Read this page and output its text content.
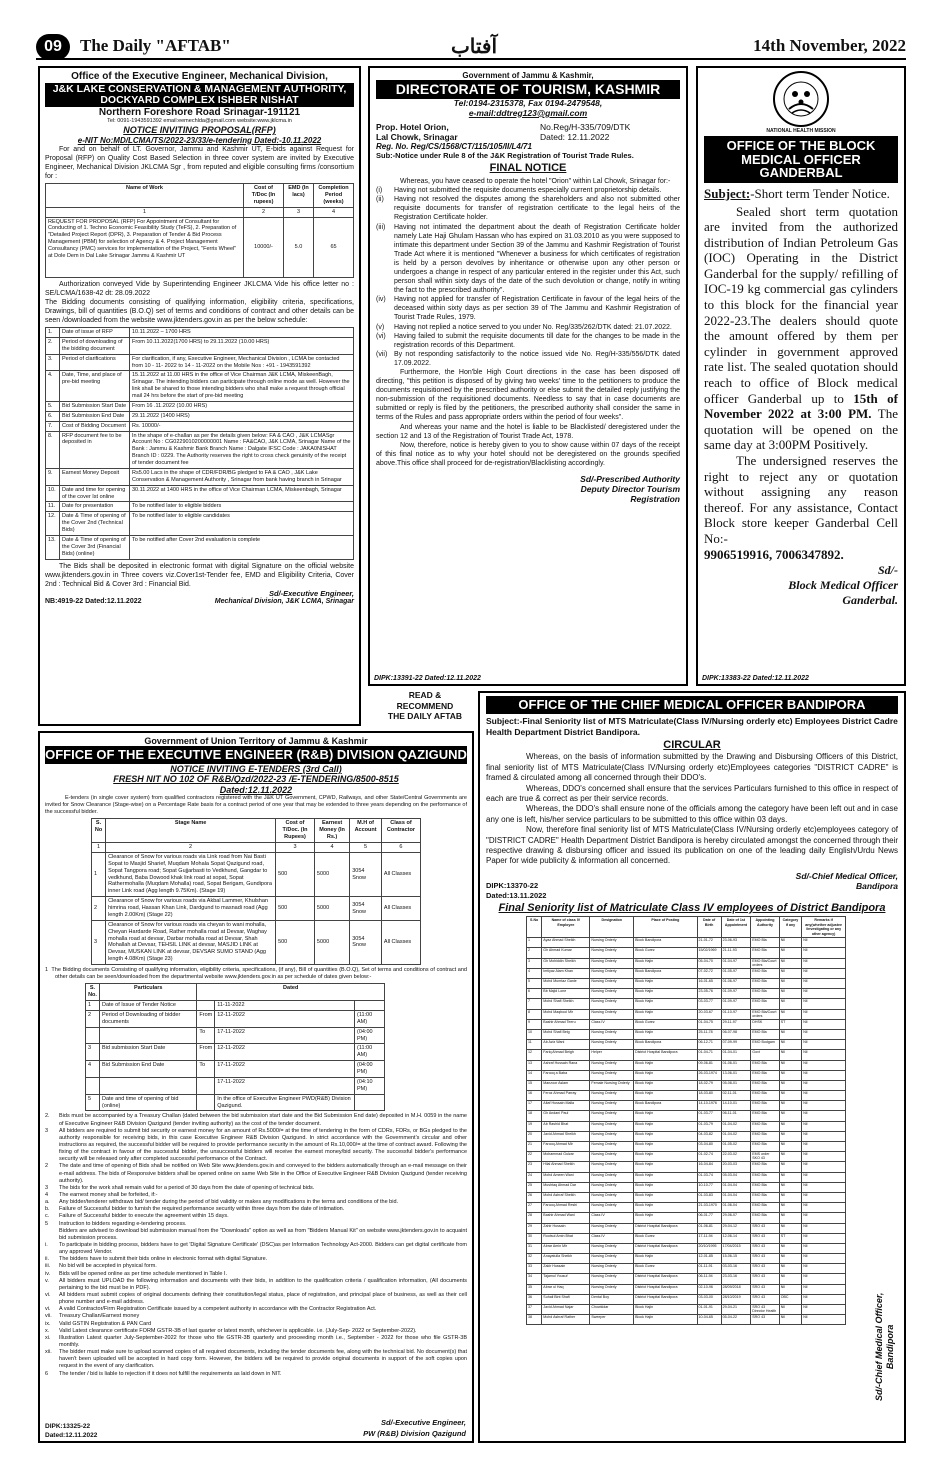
09	The Daily "AFTAB"	آفتاب	14th November, 2022
Office of the Executive Engineer, Mechanical Division,
J&K LAKE CONSERVATION & MANAGEMENT AUTHORITY,
DOCKYARD COMPLEX ISHBER NISHAT
Northern Foreshore Road Srinagar-191121
Tel: 0091-1943591392 email:eemechlda@gmail.com website:www.jklcma.in
NOTICE INVITING PROPOSAL(RFP)
e-NIT No:MD/LCMA/TS/2022-23/33/e-tendering Dated:-10.11.2022
For and on behalf of LT. Governor, Jammu and Kashmir UT, E-bids against Request for Proposal (RFP) on Quality Cost Based Selection in three cover system are invited by Executive Engineer, Mechanical Division JKLCMA Sgr , from reputed and eligible consulting firms /consortium for :
Name of Work	Cost of T/Doc (In rupees)	EMD (In lacs)	Completion Period (weeks)
1	2	3	4
REQUEST FOR PROPOSAL (RFP) For Appointment of Consultant for Conducting of 1. Techno Economic Feasibility Study (TeFS), 2. Preparation of "Detailed Project Report (DPR), 3. Preparation of Tender & Bid Process Management (PBM) for selection of Agency & 4. Project Management Consultancy (PMC) services for implementation of the Project, "Ferris Wheel" at Dole Dem in Dal Lake Srinagar Jammu & Kashmir UT	10000/-	5.0	65
Authorization conveyed Vide by Superintending Engineer JKLCMA Vide his office letter no : SE/LCMA/1638-42 dt: 28.09.2022
The Bidding documents consisting of qualifying information, eligibility criteria, specifications, Drawings, bill of quantities (B.O.Q) set of terms and conditions of contract and other details can be seen /downloaded from the website www.jktenders.gov.in as per the below schedule:
1.	Date of issue of RFP	10.11.2022 – 1700 HRS
2.	Period of downloading of the bidding document	From 10.11.2022(1700 HRS) to 29.11.2022 (10.00 HRS)
3.	Period of clarifications	For clarification, if any, Executive Engineer, Mechanical Division , LCMA be contacted from 10 - 11- 2022 to 14 - 11-2022 on the Mobile Nos : +91 - 1943591392
4.	Date, Time, and place of pre-bid meeting	15.11.2022 at 11.00 HRS in the office of Vice Chairman J&K LCMA, MiskeenBagh, Srinagar. The intending bidders can participate through online mode as well. However the link shall be shared to those intending bidders who shall make a request through official mail 24 hrs before the start of pre-bid meeting
5.	Bid Submission Start Date	From 16 .11.2022 (10.00 HRS)
6.	Bid Submission End Date	29.11.2022 (1400 HRS)
7.	Cost of Bidding Document	Rs. 10000/-
8.	RFP document fee to be deposited in	In the shape of e-challan as per the details given below: FA & CAO , J&K LCMASgr Account No : CG0229010200000001 Name : FA&CAO, J&K LCMA, Srinagar Name of the Bank : Jammu & Kashmir Bank Branch Name : Dalgate IFSC Code : JAKA0NISHAT Branch ID : 0229. The Authority reserves the right to cross check genuinity of the receipt of tender document fee
9.	Earnest Money Deposit	Rs5.00 Lacs in the shape of CDR/FDR/BG pledged to FA & CAO , J&K Lake Conservation & Management Authority , Srinagar from bank having branch in Srinagar
10.	Date and time for opening of the cover Ist online	30.11.2022 at 1400 HRS in the office of Vice Chairman LCMA, Miskeenbagh, Srinagar
11.	Date for presentation	To be notified later to eligible bidders
12.	Date & Time of opening of the Cover 2nd (Technical Bids)	To be notified later to eligible candidates
13.	Date & Time of opening of the Cover 3rd (Financial Bids) (online)	To be notified after Cover 2nd evaluation is complete
The Bids shall be deposited in electronic format with digital Signature on the official website www.jktenders.gov.in in Three covers viz.Cover1st-Tender fee, EMD and Eligibility Criteria, Cover 2nd : Technical Bid & Cover 3rd : Financial Bid.
Sd/-Executive Engineer,
NB:4919-22 Dated:12.11.2022	Mechanical Division, J&K LCMA, Srinagar
Government of Jammu & Kashmir,
DIRECTORATE OF TOURISM, KASHMIR
Tel:0194-2315378, Fax 0194-2479548,
e-mail:ddtreg123@gmail.com
Prop. Hotel Orion,	No.Reg/H-335/709/DTK
Lal Chowk, Srinagar	Dated: 12.11.2022
Reg. No. Reg/CS/1568/CT/115/105/II/L4/71
Sub:-Notice under Rule 8 of the J&K Registration of Tourist Trade Rules.
FINAL NOTICE
Whereas, you have ceased to operate the hotel "Orion" within Lal Chowk, Srinagar for:-
(i)	Having not submitted the requisite documents especially current proprietorship details.
(ii)	Having not resolved the disputes among the shareholders and also not submitted other requisite documents for transfer of registration certificate to the legal heirs of the Registration Certificate holder.
(iii)	Having not intimated the department about the death of Registration Certificate holder namely Late Haji Ghulam Hassan who has expired on 31.03.2010 as you were supposed to intimate this department under Section 39 of the Jammu and Kashmir Registration of Tourist Trade Act where it is mentioned "Whenever a business for which certificates of registration is held by a person devolves by inheritance or otherwise upon any other person or undergoes a change in respect of any particular entered in the register under this Act, such person shall within sixty days of the date of the such devolution or change, notify in writing the fact to the prescribed authority".
(iv)	Having not applied for transfer of Registration Certificate in favour of the legal heirs of the deceased within sixty days as per section 39 of The Jammu and Kashmir Registration of Tourist Trade Rules, 1979.
(v)	Having not replied a notice served to you under No. Reg/335/262/DTK dated: 21.07.2022.
(vi)	Having failed to submit the requisite documents till date for the changes to be made in the registration records of this Department.
(vii) By not responding satisfactorily to the notice issued vide No. Reg/H-335/556/DTK dated 17.09.2022.
Furthermore, the Hon'ble High Court directions in the case has been disposed off directing, "this petition is disposed of by giving two weeks' time to the petitioners to produce the documents requisitioned by the prescribed authority or else submit the detailed reply justifying the non-submission of the requisitioned documents. Needless to say that in case documents are submitted or reply is filed by the petitioners, the prescribed authority shall consider the same in terms of the Rules and pass appropriate orders within the period of four weeks".
And whereas your name and the hotel is liable to be Blacklisted/ deregistered under the section 12 and 13 of the Registration of Tourist Trade Act, 1978.
Now, therefore, notice is hereby given to you to show cause within 07 days of the receipt of this final notice as to why your hotel should not be deregistered on the grounds specified above.This office shall proceed for de-registration/Blacklisting accordingly.
Sd/-Prescribed Authority
Deputy Director Tourism
Registration
DIPK:13391-22 Dated:12.11.2022
READ &
RECOMMEND
THE DAILY AFTAB
NATIONAL HEALTH MISSION
OFFICE OF THE BLOCK MEDICAL OFFICER GANDERBAL
Subject:-Short term Tender Notice.
Sealed short term quotation are invited from the authorized distribution of Indian Petroleum Gas (IOC) Operating in the District Ganderbal for the supply/ refilling of IOC-19 kg commercial gas cylinders to this block for the financial year 2022-23.The dealers should quote the amount offered by them per cylinder in government approved rate list. The sealed quotation should reach to office of Block medical officer Ganderbal up to 15th of November 2022 at 3:00 PM. The quotation will be opened on the same day at 3:00PM Positively.
The undersigned reserves the right to reject any or quotation without assigning any reason thereof. For any assistance, Contact Block store keeper Ganderbal Cell No:-
9906519916, 7006347892.
Sd/-
Block Medical Officer
Ganderbal.
DIPK:13383-22 Dated:12.11.2022
Government of Union Territory of Jammu & Kashmir
OFFICE OF THE EXECUTIVE ENGINEER (R&B) DIVISION QAZIGUND
NOTICE INVITING E-TENDERS (3rd Call)
FRESH NIT NO 102 OF R&B/Qzd/2022-23 /E-TENDERING/8500-8515
Dated:12.11.2022
E-tenders (in single cover system) from qualified contractors registered with the J&K UT Government, CPWD, Railways, and other State/Central Governments are invited for Snow Clearance (Stage-wise) on a Percentage Rate basis for a contract period of one year that may be extended to three years depending on the performance of the successful bidder.
S. No	Stage Name	Cost of T/Doc. (In Rupees)	Earnest Money (In Rs.)	M.H of Account	Class of Contractor
1	2	3	4	5	6
1	Clearance of Snow for various roads via Link road from Nai Basti Sopat to Masjid Sharief, Muqdam Mohala Sopat Qazigund road, Sopat Tangpora road; Sopat Gujjarbasti to Vedkhund, Gangdar to vedkhund, Baba Dowood khak link road at sopat, Sopat Rathermohalla (Muqdam Mohalla) road, Sopat Berigam, Gundipora inner Link road (Agg length 9.75Km). (Stage 19)	500	5000	3054 Snow	All Classes
2	Clearance of Snow for various roads via Akbal Lammer, Khulshan himrina road, Hassan Khan Link, Dardgund to masnadi road (Agg length 2.00Km) (Stage 22)	500	5000	3054 Snow	All Classes
3	Clearance of Snow for various roads via cheyan to wani mohalla, Cheyan Hardarde Road, Rather mohalla road at Devsar, Waghay mohalla road at devsar, Darbar mohalla road at Devsar, Shah Mohallah at Devsar, TEHSIL LINK at devsar, MASJID LINK at Devsar, MUSKAN LINK at devsar, DEVSAR SUMO STAND (Agg length 4.08Km) (Stage 23)	500	5000	3054 Snow	All Classes
1  The Bidding documents Consisting of qualifying information, eligibility criteria, specifications, (if any), Bill of quantities (B.O.Q), Set of terms and conditions of contract and other details can be seen/downloaded from the departmental website www.jktenders.gov.in as per schedule of dates given below:-
S. No.	Particulars	Dated		
1	Date of Issue of Tender Notice		11-11-2022	
2	Period of Downloading of bidder documents	From	12-11-2022	(11:00 AM)
		To	17-11-2022	(04:00 PM)
3	Bid submission Start Date	From	12-11-2022	(11:00 AM)
4	Bid Submission End Date	To	17-11-2022	(04:00 PM)
			17-11-2022	(04:10 PM)
5	Date and time of opening of bid (online)		In the office of Executive Engineer PWD(R&B) Division Qazigund.	
2.	Bids must be accompanied by a Treasury Challan (dated between the bid submission start date and the Bid Submission End date) deposited in M.H. 0059 in the name of Executive Engineer R&B Division Qazigund (tender inviting authority) as the cost of the tender document.
3	All bidders are required to submit bid security or earnest money for an amount of Rs.5000/= at the time of tendering in the form of CDRs, FDRs, or BGs pledged to the authority responsible for receiving bids, in this case Executive Engineer R&B Division Qazigund. In strict accordance with the Government's circular and other instructions as required, the successful bidder will be required to provide performance security in the amount of Rs.10,000/= at the time of contract award. Following the fixing of the contract in favour of the successful bidder, the unsuccessful bidders will receive the earnest money/bid security. The successful bidder's performance security will be released only after completed successful performance of the Contract.
2	The date and time of opening of Bids shall be notified on Web Site www.jktenders.gov.in and conveyed to the bidders automatically through an e-mail message on their e-mail address. The bids of Responsive bidders shall be opened online on same Web Site in the Office of Executive Engineer R&B Division Qazigund (tender receiving authority).
3	The bids for the work shall remain valid for a period of 30 days from the date of opening of technical bids.
4	The earnest money shall be forfeited, if:-
a.	Any bidder/tenderer withdraws bid/ tender during the period of bid validity or makes any modifications in the terms and conditions of the bid.
b.	Failure of Successful bidder to furnish the required performance security within three days from the date of intimation.
c.	Failure of Successful bidder to execute the agreement within 15 days.
5	Instruction to bidders regarding e-tendering process.
Bidders are advised to download bid submission manual from the "Downloads" option as well as from "Bidders Manual Kit" on website www.jktenders.gov.in to acquaint bid submission process.
i.	To participate in bidding process, bidders have to get 'Digital Signature Certificate' (DSC)as per Information Technology Act-2000. Bidders can get digital certificate from any approved Vendor.
ii.	The bidders have to submit their bids online in electronic format with digital Signature.
iii.	No bid will be accepted in physical form.
iv.	Bids will be opened online as per time schedule mentioned in Table I.
v.	All bidders must UPLOAD the following information and documents with their bids, in addition to the qualification criteria / qualification information, (All documents pertaining to the bid must be in PDF).
vi.	All bidders must submit copies of original documents defining their constitution/legal status, place of registration, and principal place of business, as well as their cell phone number and e-mail address.
vi.	A valid Contractor/Firm Registration Certificate issued by a competent authority in accordance with the Contractor Registration Act.
vii.	Treasury Challan/Earnest money
ix.	Valid GSTIN Registration & PAN Card
x.	Valid Latest clearance certificate FORM GSTR-3B of last quarter or latest month, whichever is applicable. i.e. (July-Sep- 2022 or September-2022).
xi.	Illustration Latest quarter July-September-2022 for those who file GSTR-3B quarterly and proceeding month i.e., September - 2022 for those who file GSTR-3B monthly.
xii.	The bidder must make sure to upload scanned copies of all required documents, including the tender documents fee, along with the technical bid. No document(s) that haven't been uploaded will be accepted in hard copy form. However, the bidders will be required to provide original documents in support of the soft copies upon request in the event of any clarification.
6	The tender / bid is liable to rejection if it does not fulfill the requirements as laid down in NIT.
Sd/-Executive Engineer,
PW (R&B) Division Qazigund
DIPK:13325-22
Dated:12.11.2022
OFFICE OF THE CHIEF MEDICAL OFFICER BANDIPORA
Subject:-Final Seniority list of MTS Matriculate(Class IV/Nursing orderly etc) Employees District Cadre Health Department District Bandipora.
CIRCULAR
Whereas, on the basis of information submitted by the Drawing and Disbursing Officers of this District, final seniority list of MTS Matriculate(Class IV/Nursing orderly etc)Employees categories "DISTRICT CADRE" is framed & circulated among all concerned through their DDO's.
Whereas, DDO's concerned shall ensure that the services Particulars furnished to this office in respect of each are true & correct as per their service records.
Whereas, the DDO's shall ensure none of the officials among the category have been left out and in case any one is left, his/her service particulars to be submitted to this office within 03 days.
Now, therefore final seniority list of MTS Matriculate(Class IV/Nursing orderly etc)employees category of "DISTRICT CADRE" Health Department District Bandipora is hereby circulated amongst the concerned through their respective drawing & disbursing officer and issued its publication on one of the leading daily English/Urdu News Paper for wide publicity & information all concerned.
Sd/-Chief Medical Officer,
DIPK:13370-22	Bandipora
Dated:13.11.2022
Final Seniority list of Matriculate Class IV employees of District Bandipora
S.No	Name of class IV Employee	Designation	Place of Posting	Date of Birth	Date of 1st Appointment	Appointing Authority	Category if any	Remarks if any(whether adjustee /investigating or any other agency)
1	Ayaz Ahmad Sheikh	Nursing Orderly	Block Bandipora	21-01-72	23-06-93	EMO Bla	Nil	Nil
2	Gh Ahmad Kumar	Nursing Orderly	Block Gurez	15/02/1969	21-11-93	EMO Bla	Nil	Nil
3	Gh Mohiddin Sheikh	Nursing Orderly	Block Hajin	05-04-70	01-04-97	EMO Bla/Court orders	Nil	Nil
4	Imtiyaz Alam Khan	Nursing Orderly	Block Bandipora	07-02-72	01-05-97	EMO Bla	Nil	Nil
5	Mohd Mumtaz Ganie	Nursing Orderly	Block Hajin	16-01-65	01-06-97	EMO Bla	Nil	Nil
6	Bb Majid Lone	Nursing Orderly	Block Hajin	23-05-76	01-09-97	EMO Bla	Nil	Nil
7	Mohd Shafi Sheikh	Nursing Orderly	Block Hajin	03-03-77	01-09-97	EMO Bla	Nil	Nil
8	Mohd Maqbool Mir	Nursing Orderly	Block Hajin	20-03-67	01-10-97	EMO Bla/Court orders	Nil	Nil
9	Bashir Ahmad Teeru	Class IV	Block Gurez	01-04-75	29-11-97	DHSK	ST	Nil
10	Mohd Shafi Beig	Nursing Orderly	Block Hajin	25-11-78	06-07-98	EMO Bla	Nil	Nil
11	Ab Aziz Wani	Nursing Orderly	Block Bandipora	06-12-71	07-09-99	EMO Budgam	Nil	Nil
12	Fariq Ahmad Beigh	Helper	District Hospital Bandipora	01-04-71	01-04-01	Govt	Nil	Nil
13	Ashraf Hussain Rana	Nursing Orderly	Block Hajin	09-06-81	01-06-01	EMO Bla	Nil	Nil
14	Farooq a Baba	Nursing Orderly	Block Hajin	26-03-1974	13-06-01	EMO Bla	Nil	Nil
15	Manzoor Aslam	Female Nursing Orderly	Block Hajin	18-02-79	05-08-01	EMO Bla	Nil	Nil
16	Feroz Ahmad Parray	Nursing Orderly	Block Hajin	18-03-80	02-11-01	EMO Bla	Nil	Nil
17	Altaf Hussain Malla	Nursing Orderly	Block Bandipora	14-10-1976	14-10-01	EMO Bla	Nil	Nil
18	Gh Andani Paul	Nursing Orderly	Block Hajin	01-03-77	06-11-01	EMO Bla	Nil	Nil
19	Ab Rashid Bhat	Nursing Orderly	Block Hajin	01-03-79	01-04-02	EMO Bla	Nil	Nil
20	Javid Ahmad Sheikh	Nursing Orderly	Block Hajin	04-03-82	01-04-02	EMO Bla	Nil	Nil
21	Farooq Ahmad Mir	Nursing Orderly	Block Hajin	03-04-80	01-05-02	EMO Bla	Nil	Nil
22	Mohammad Gulzar	Nursing Orderly	Block Hajin	01-02-74	22-03-02	EMS order SKO 43	Nil	Nil
23	Hilal Ahmad Sheikh	Nursing Orderly	Block Hajin	16-04-84	20-03-03	EMO Bla	Nil	Nil
24	Mohd Ameen Wani	Nursing Orderly	Block Hajin	01-03-74	05-03-04	EMO Bla	Nil	Nil
25	Mushtaq Ahmad Dar	Nursing Orderly	Block Hajin	10-10-77	01-04-04	EMO Bla	Nil	Nil
26	Mohd Ashraf Sheikh	Nursing Orderly	Block Hajin	01-03-83	01-04-04	EMO Bla	Nil	Nil
27	Farooq Ahmad Reshi	Nursing Orderly	Block Hajin	21-03-1970	01-06-04	EMO Bla	Nil	Nil
28	Bashir Ahmad Wani	Class IV	Block Hajin	06-01-77	29-06-07	EMO Bla	Nil	Nil
29	Zahir Hussain	Nursing Orderly	District Hospital Bandipora	01-06-81	29-04-12	SRO 43	Nil	Nil
30	Rootsul Amin Bhat	Class IV	Block Gurez	17-11-94	12-06-14	SRO 43	ST	Nil
31	Abrar Amin Mir	Nursing Orderly	District Hospital Bandipora	20/10/1995	17/04/2015	SRO 43	Nil	Nil
32	Anayatulla Sheikh	Nursing Orderly	Block Hajin	12-01-85	15-06-15	SRO 43	Nil	Nil
33	Zakir Hussain	Nursing Orderly	Block Gurez	01-11-91	03-03-16	SRO 43	Nil	Nil
34	Tajamul Yousuf	Nursing Orderly	District Hospital Bandipora	06-11-94	23-03-16	SRO 43	Nil	Nil
35	Abrar ul Haq	Nursing Orderly	District Hospital Bandipora	02-10-96	28/09/2018	SRO 43	Nil	Nil
36	Suhail Bint Shafi	Dental Boy	District Hospital Bandipora	03-03-00	28/10/2019	SRO 43	OBC	Nil
37	Javid Ahmad Najar	Chowkidar	Block Hajin	01-01-91	29-04-21	SRO 43 Director Health	Nil	Nil
38	Mohd Ashraf Rather	Sweeper	Block Hajin	10-04-65	05-04-22	SRO 43	Nil	Nil	Sd/-Chief Medical Officer, Bandipora
